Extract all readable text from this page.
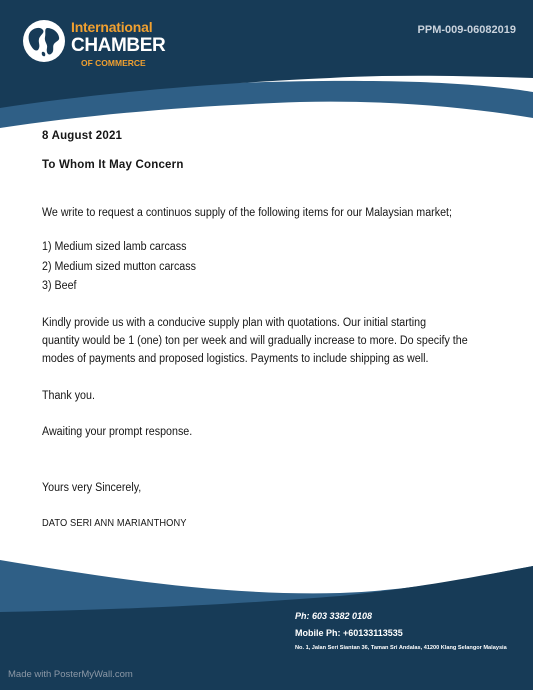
International
CHAMBER
OF COMMERCE
PPM-009-06082019
8 August 2021
To Whom It May Concern
We write to request a continuos supply of the following items for our Malaysian market;
1) Medium sized lamb carcass
2) Medium sized mutton carcass
3) Beef
Kindly provide us with a conducive supply plan with quotations. Our initial starting
quantity would be 1 (one) ton per week and will gradually increase to more. Do specify the
modes of payments and proposed logistics. Payments to include shipping as well.
Thank you.
Awaiting your prompt response.
Yours very Sincerely,
DATO SERI ANN MARIANTHONY
Ph: 603 3382 0108
Mobile Ph: +60133113535
No. 1, Jalan Seri Siantan 36, Taman Sri Andalas, 41200 Klang Selangor Malaysia
Made with PosterMyWall.com
